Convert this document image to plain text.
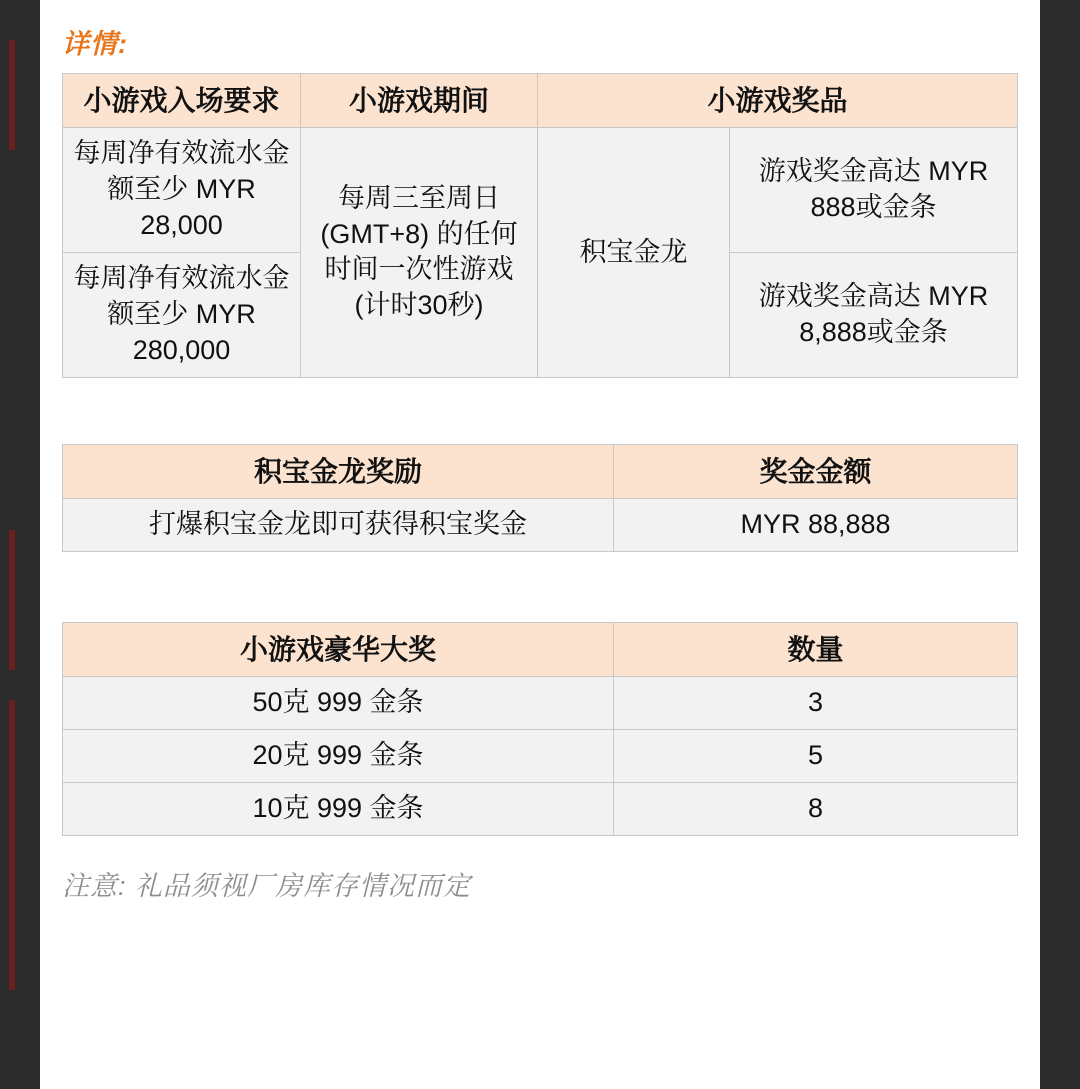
详情:
小游戏入场要求	小游戏期间	小游戏奖品	
每周净有效流水金额至少 MYR 28,000	每周三至周日 (GMT+8) 的任何时间一次性游戏 (计时30秒)	积宝金龙	游戏奖金高达 MYR 888或金条
每周净有效流水金额至少 MYR 280,000			游戏奖金高达 MYR 8,888或金条
积宝金龙奖励	奖金金额
打爆积宝金龙即可获得积宝奖金	MYR 88,888
小游戏豪华大奖	数量
50克 999 金条	3
20克 999 金条	5
10克 999 金条	8
注意: 礼品须视厂房库存情况而定
